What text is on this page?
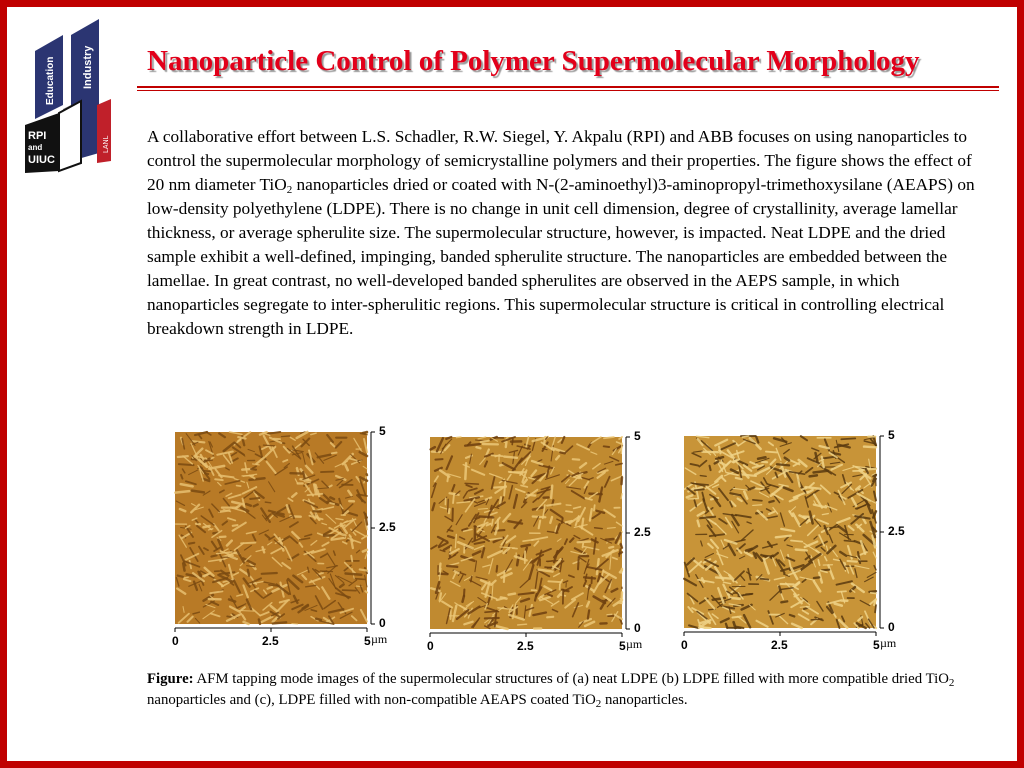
Education Industry
RPI
and
UIUC
LANL
Nanoparticle Control of Polymer Supermolecular Morphology
A collaborative effort between L.S. Schadler, R.W. Siegel, Y. Akpalu (RPI) and ABB focuses on using nanoparticles to control the supermolecular morphology of semicrystalline polymers and their properties. The figure shows the effect of 20 nm diameter TiO$_2$ nanoparticles dried or coated with N-(2-aminoethyl)3-aminopropyl-trimethoxysilane (AEAPS) on low-density polyethylene (LDPE). There is no change in unit cell dimension, degree of crystallinity, average lamellar thickness, or average spherulite size. The supermolecular structure, however, is impacted. Neat LDPE and the dried sample exhibit a well-defined, impinging, banded spherulite structure. The nanoparticles are embedded between the lamellae. In great contrast, no well-developed banded spherulites are observed in the AEPS sample, in which nanoparticles segregate to inter-spherulitic regions. This supermolecular structure is critical in controlling electrical breakdown strength in LDPE.
0	2.5	5
5
2.5
0
µm	0	2.5	5
5
2.5
0
µm	0	2.5	5
5
2.5
0
µm
Figure: AFM tapping mode images of the supermolecular structures of (a) neat LDPE (b) LDPE filled with more compatible dried TiO$_2$ nanoparticles and (c), LDPE filled with non-compatible AEAPS coated TiO$_2$ nanoparticles.
